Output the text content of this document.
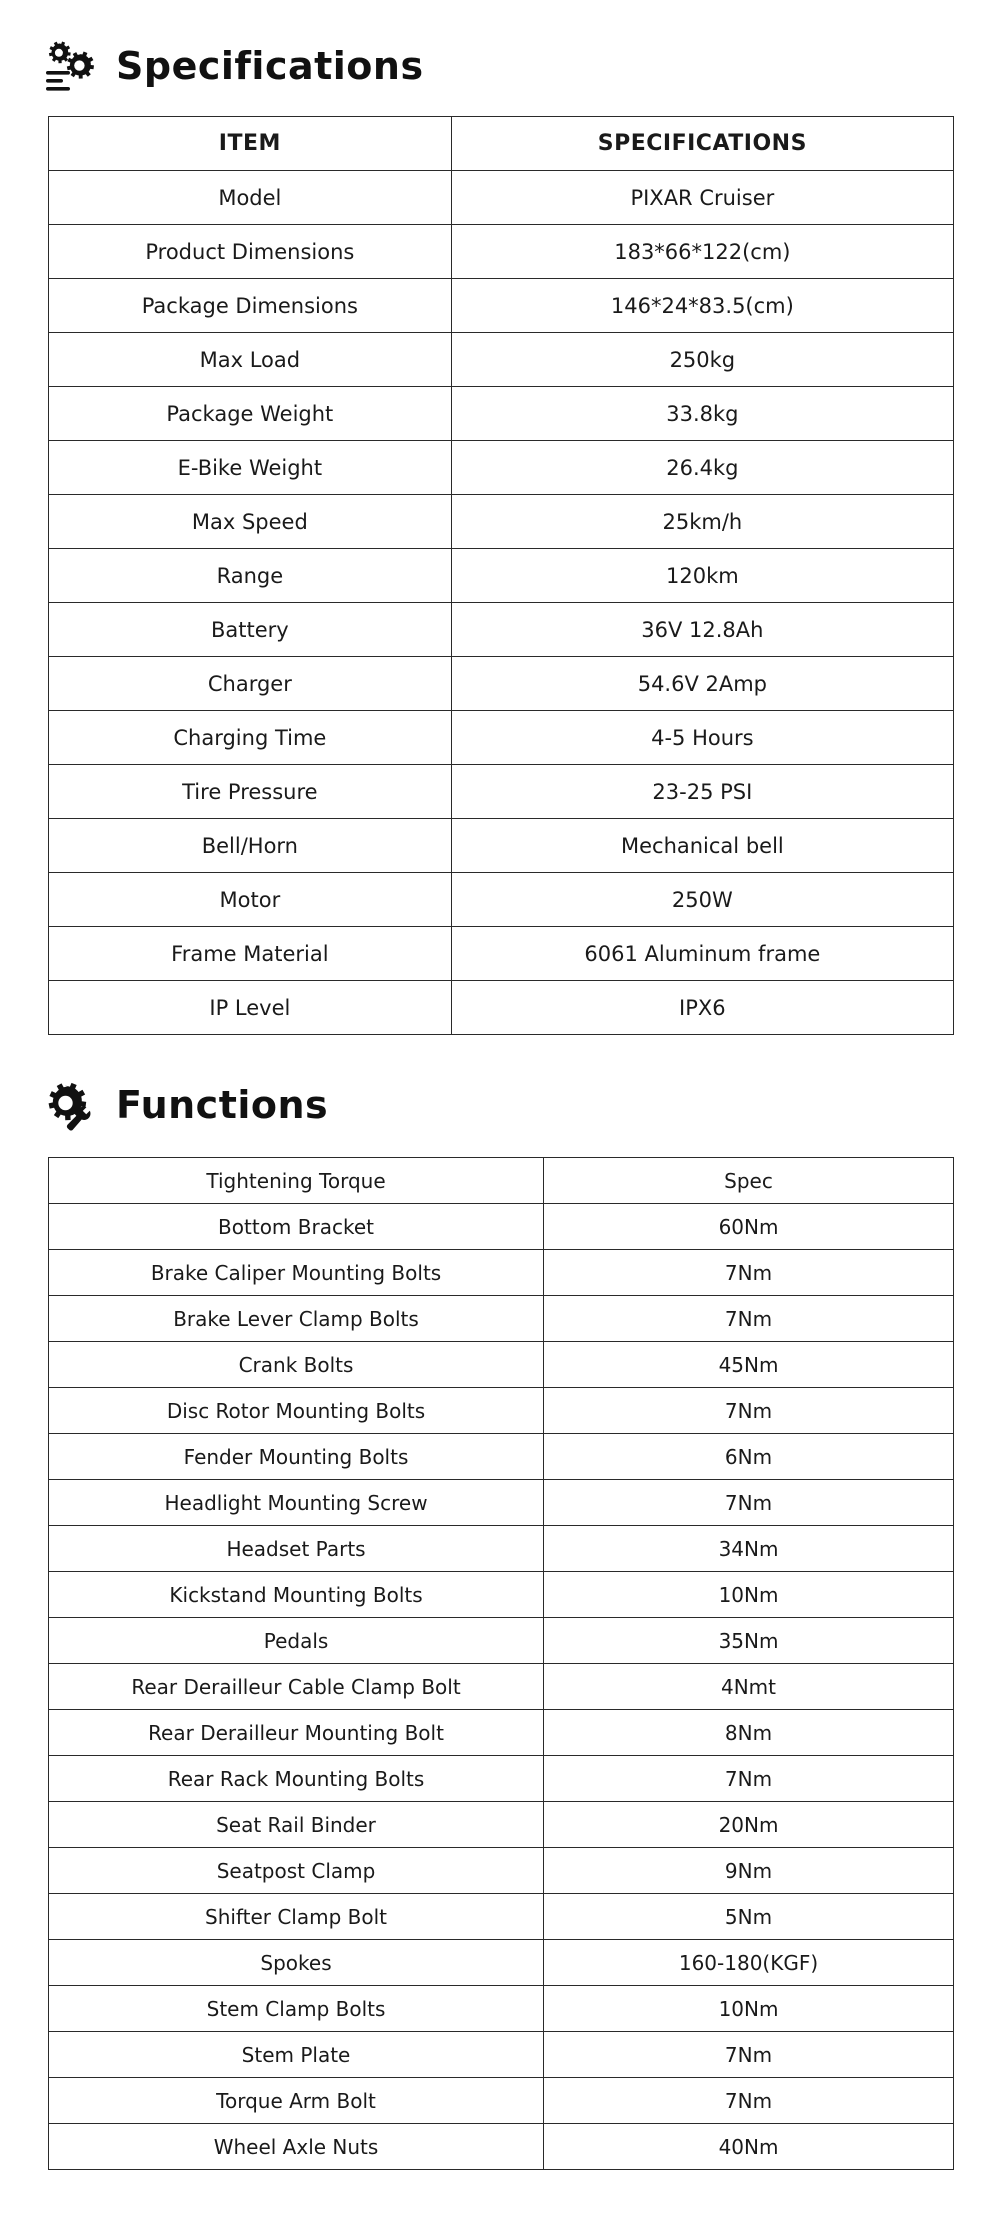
Specifications
ITEM	SPECIFICATIONS
Model	PIXAR Cruiser
Product Dimensions	183*66*122(cm)
Package Dimensions	146*24*83.5(cm)
Max Load	250kg
Package Weight	33.8kg
E-Bike Weight	26.4kg
Max Speed	25km/h
Range	120km
Battery	36V 12.8Ah
Charger	54.6V 2Amp
Charging Time	4-5 Hours
Tire Pressure	23-25 PSI
Bell/Horn	Mechanical bell
Motor	250W
Frame Material	6061 Aluminum frame
IP Level	IPX6
Functions
Tightening Torque	Spec
Bottom Bracket	60Nm
Brake Caliper Mounting Bolts	7Nm
Brake Lever Clamp Bolts	7Nm
Crank Bolts	45Nm
Disc Rotor Mounting Bolts	7Nm
Fender Mounting Bolts	6Nm
Headlight Mounting Screw	7Nm
Headset Parts	34Nm
Kickstand Mounting Bolts	10Nm
Pedals	35Nm
Rear Derailleur Cable Clamp Bolt	4Nmt
Rear Derailleur Mounting Bolt	8Nm
Rear Rack Mounting Bolts	7Nm
Seat Rail Binder	20Nm
Seatpost Clamp	9Nm
Shifter Clamp Bolt	5Nm
Spokes	160-180(KGF)
Stem Clamp Bolts	10Nm
Stem Plate	7Nm
Torque Arm Bolt	7Nm
Wheel Axle Nuts	40Nm
